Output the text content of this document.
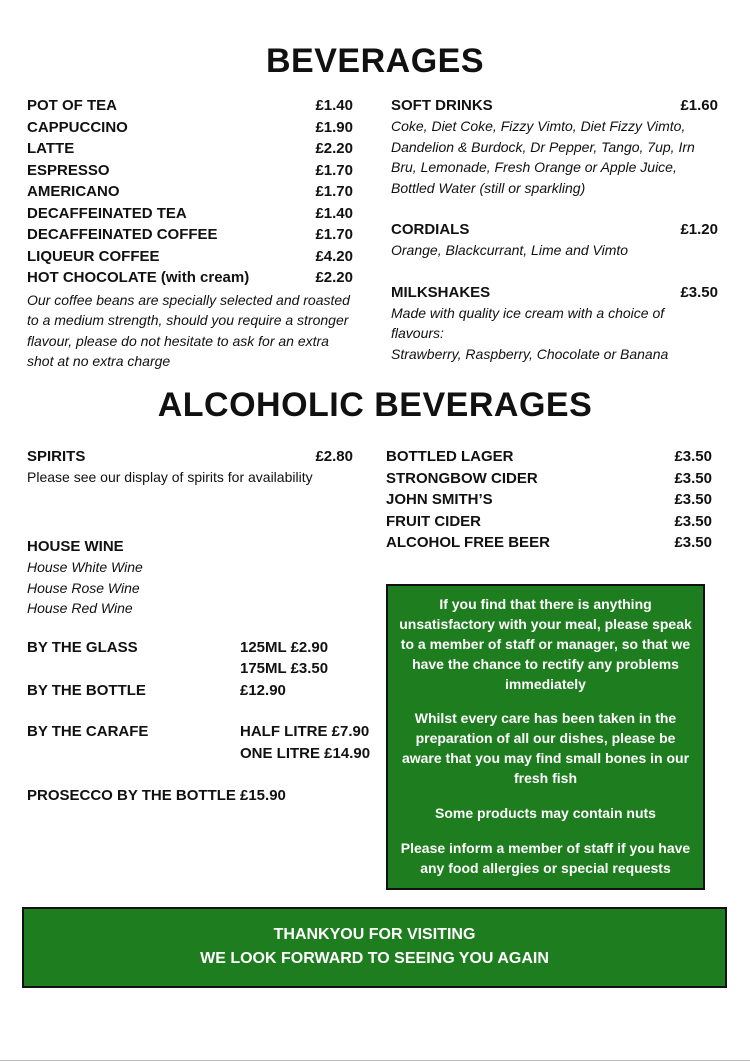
BEVERAGES
POT OF TEA	£1.40
CAPPUCCINO	£1.90
LATTE	£2.20
ESPRESSO	£1.70
AMERICANO	£1.70
DECAFFEINATED TEA	£1.40
DECAFFEINATED COFFEE	£1.70
LIQUEUR COFFEE	£4.20
HOT CHOCOLATE (with cream)	£2.20
Our coffee beans are specially selected and roasted to a medium strength, should you require a stronger flavour, please do not hesitate to ask for an extra shot at no extra charge
SOFT DRINKS	£1.60
Coke, Diet Coke, Fizzy Vimto, Diet Fizzy Vimto, Dandelion & Burdock, Dr Pepper, Tango, 7up, Irn Bru, Lemonade, Fresh Orange or Apple Juice, Bottled Water (still or sparkling)
CORDIALS	£1.20
Orange, Blackcurrant, Lime and Vimto
MILKSHAKES	£3.50
Made with quality ice cream with a choice of flavours:
Strawberry, Raspberry, Chocolate or Banana
ALCOHOLIC BEVERAGES
SPIRITS	£2.80
Please see our display of spirits for availability
HOUSE WINE
House White Wine
House Rose Wine
House Red Wine
BY THE GLASS	125ML £2.90
175ML £3.50
BY THE BOTTLE	£12.90
BY THE CARAFE	HALF LITRE £7.90
ONE LITRE £14.90
PROSECCO BY THE BOTTLE £15.90
BOTTLED LAGER	£3.50
STRONGBOW CIDER	£3.50
JOHN SMITH’S	£3.50
FRUIT CIDER	£3.50
ALCOHOL FREE BEER	£3.50

If you find that there is anything unsatisfactory with your meal, please speak to a member of staff or manager, so that we have the chance to rectify any problems immediately

Whilst every care has been taken in the preparation of all our dishes, please be aware that you may find small bones in our fresh fish

Some products may contain nuts

Please inform a member of staff if you have any food allergies or special requests

THANKYOU FOR VISITING

WE LOOK FORWARD TO SEEING YOU AGAIN
